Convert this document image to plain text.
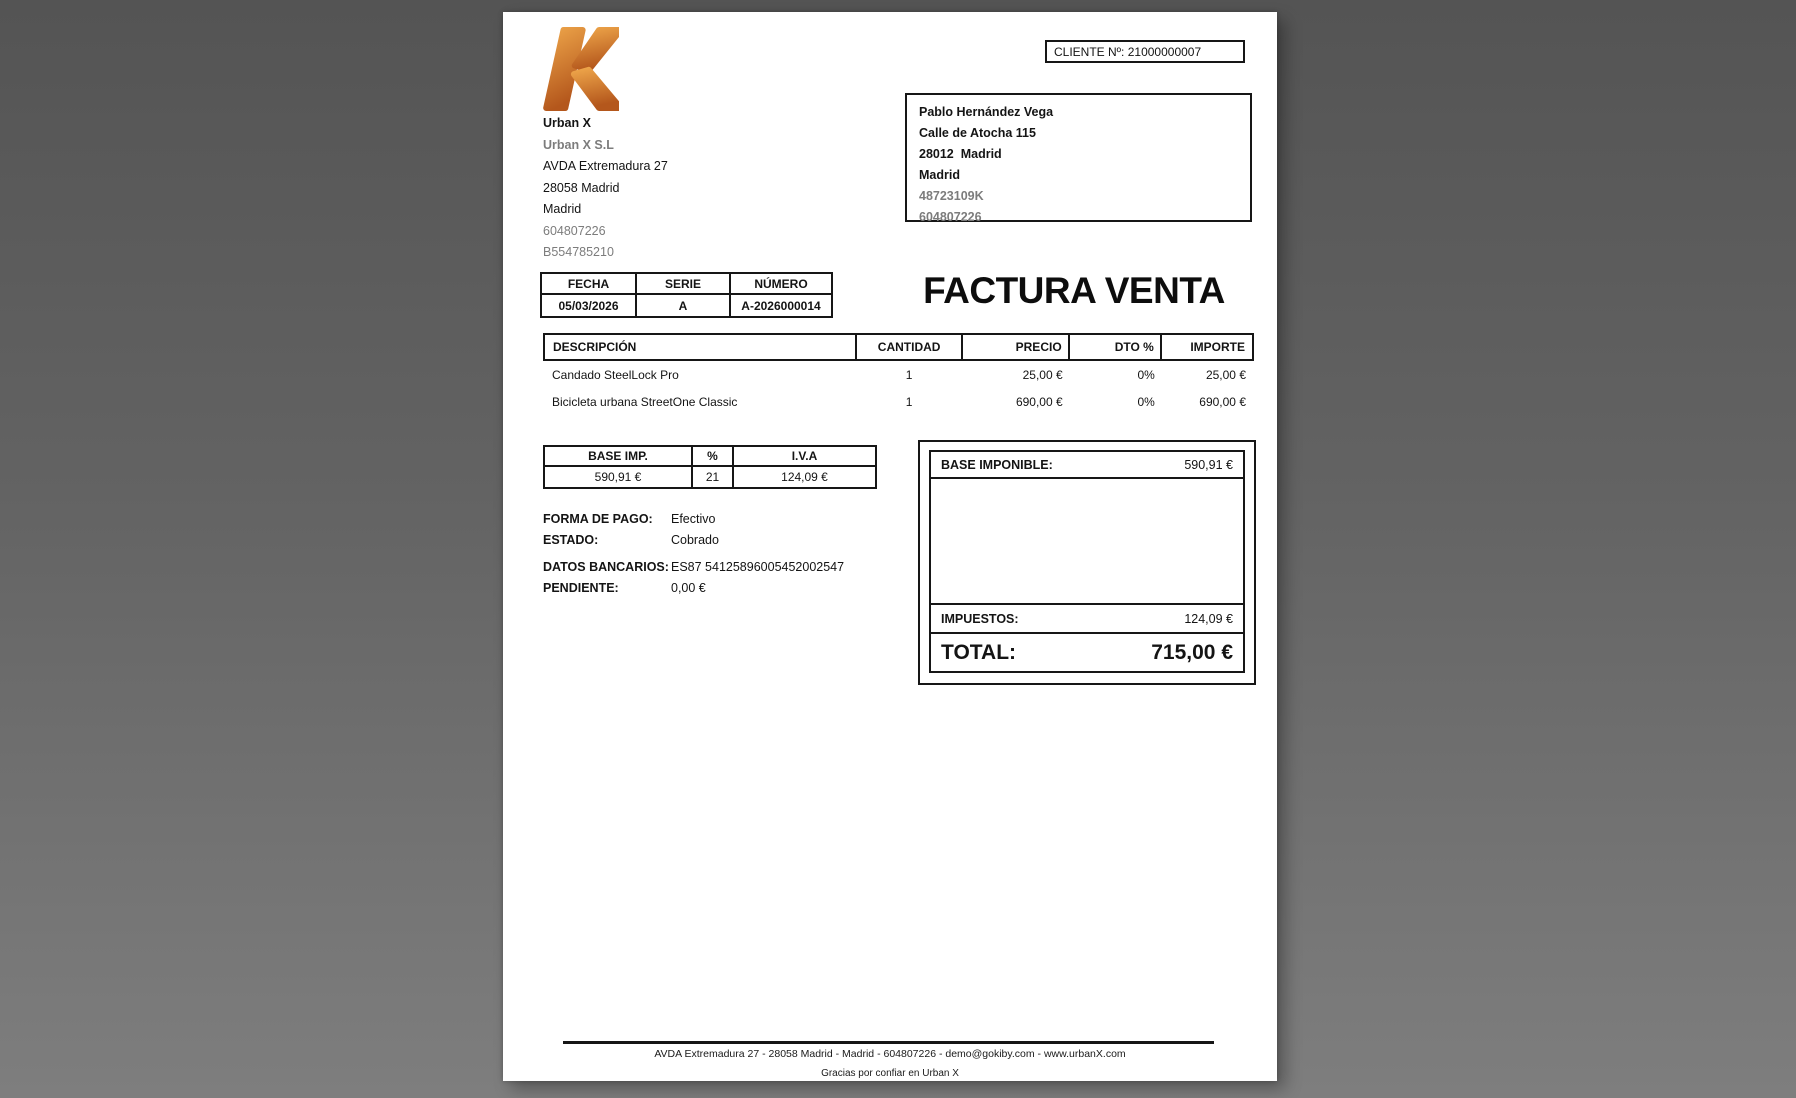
CLIENTE Nº: 21000000007
Urban X
Urban X S.L
AVDA Extremadura 27
28058 Madrid
Madrid
604807226
B554785210
Pablo Hernández Vega
Calle de Atocha 115
28012  Madrid
Madrid
48723109K
604807226
FECHA	SERIE	NÚMERO
05/03/2026	A	A-2026000014	FACTURA VENTA
DESCRIPCIÓN	CANTIDAD	PRECIO	DTO %	IMPORTE
Candado SteelLock Pro	1	25,00 €	0%	25,00 €
Bicicleta urbana StreetOne Classic	1	690,00 €	0%	690,00 €
BASE IMP.	%	I.V.A
590,91 €	21	124,09 €
FORMA DE PAGO:	Efectivo
ESTADO:	Cobrado
DATOS BANCARIOS: ES87 54125896005452002547
PENDIENTE:	0,00 €
BASE IMPONIBLE:	590,91 €
IMPUESTOS:	124,09 €
TOTAL:	715,00 €
AVDA Extremadura 27 - 28058 Madrid - Madrid - 604807226 - demo@gokiby.com - www.urbanX.com
Gracias por confiar en Urban X
